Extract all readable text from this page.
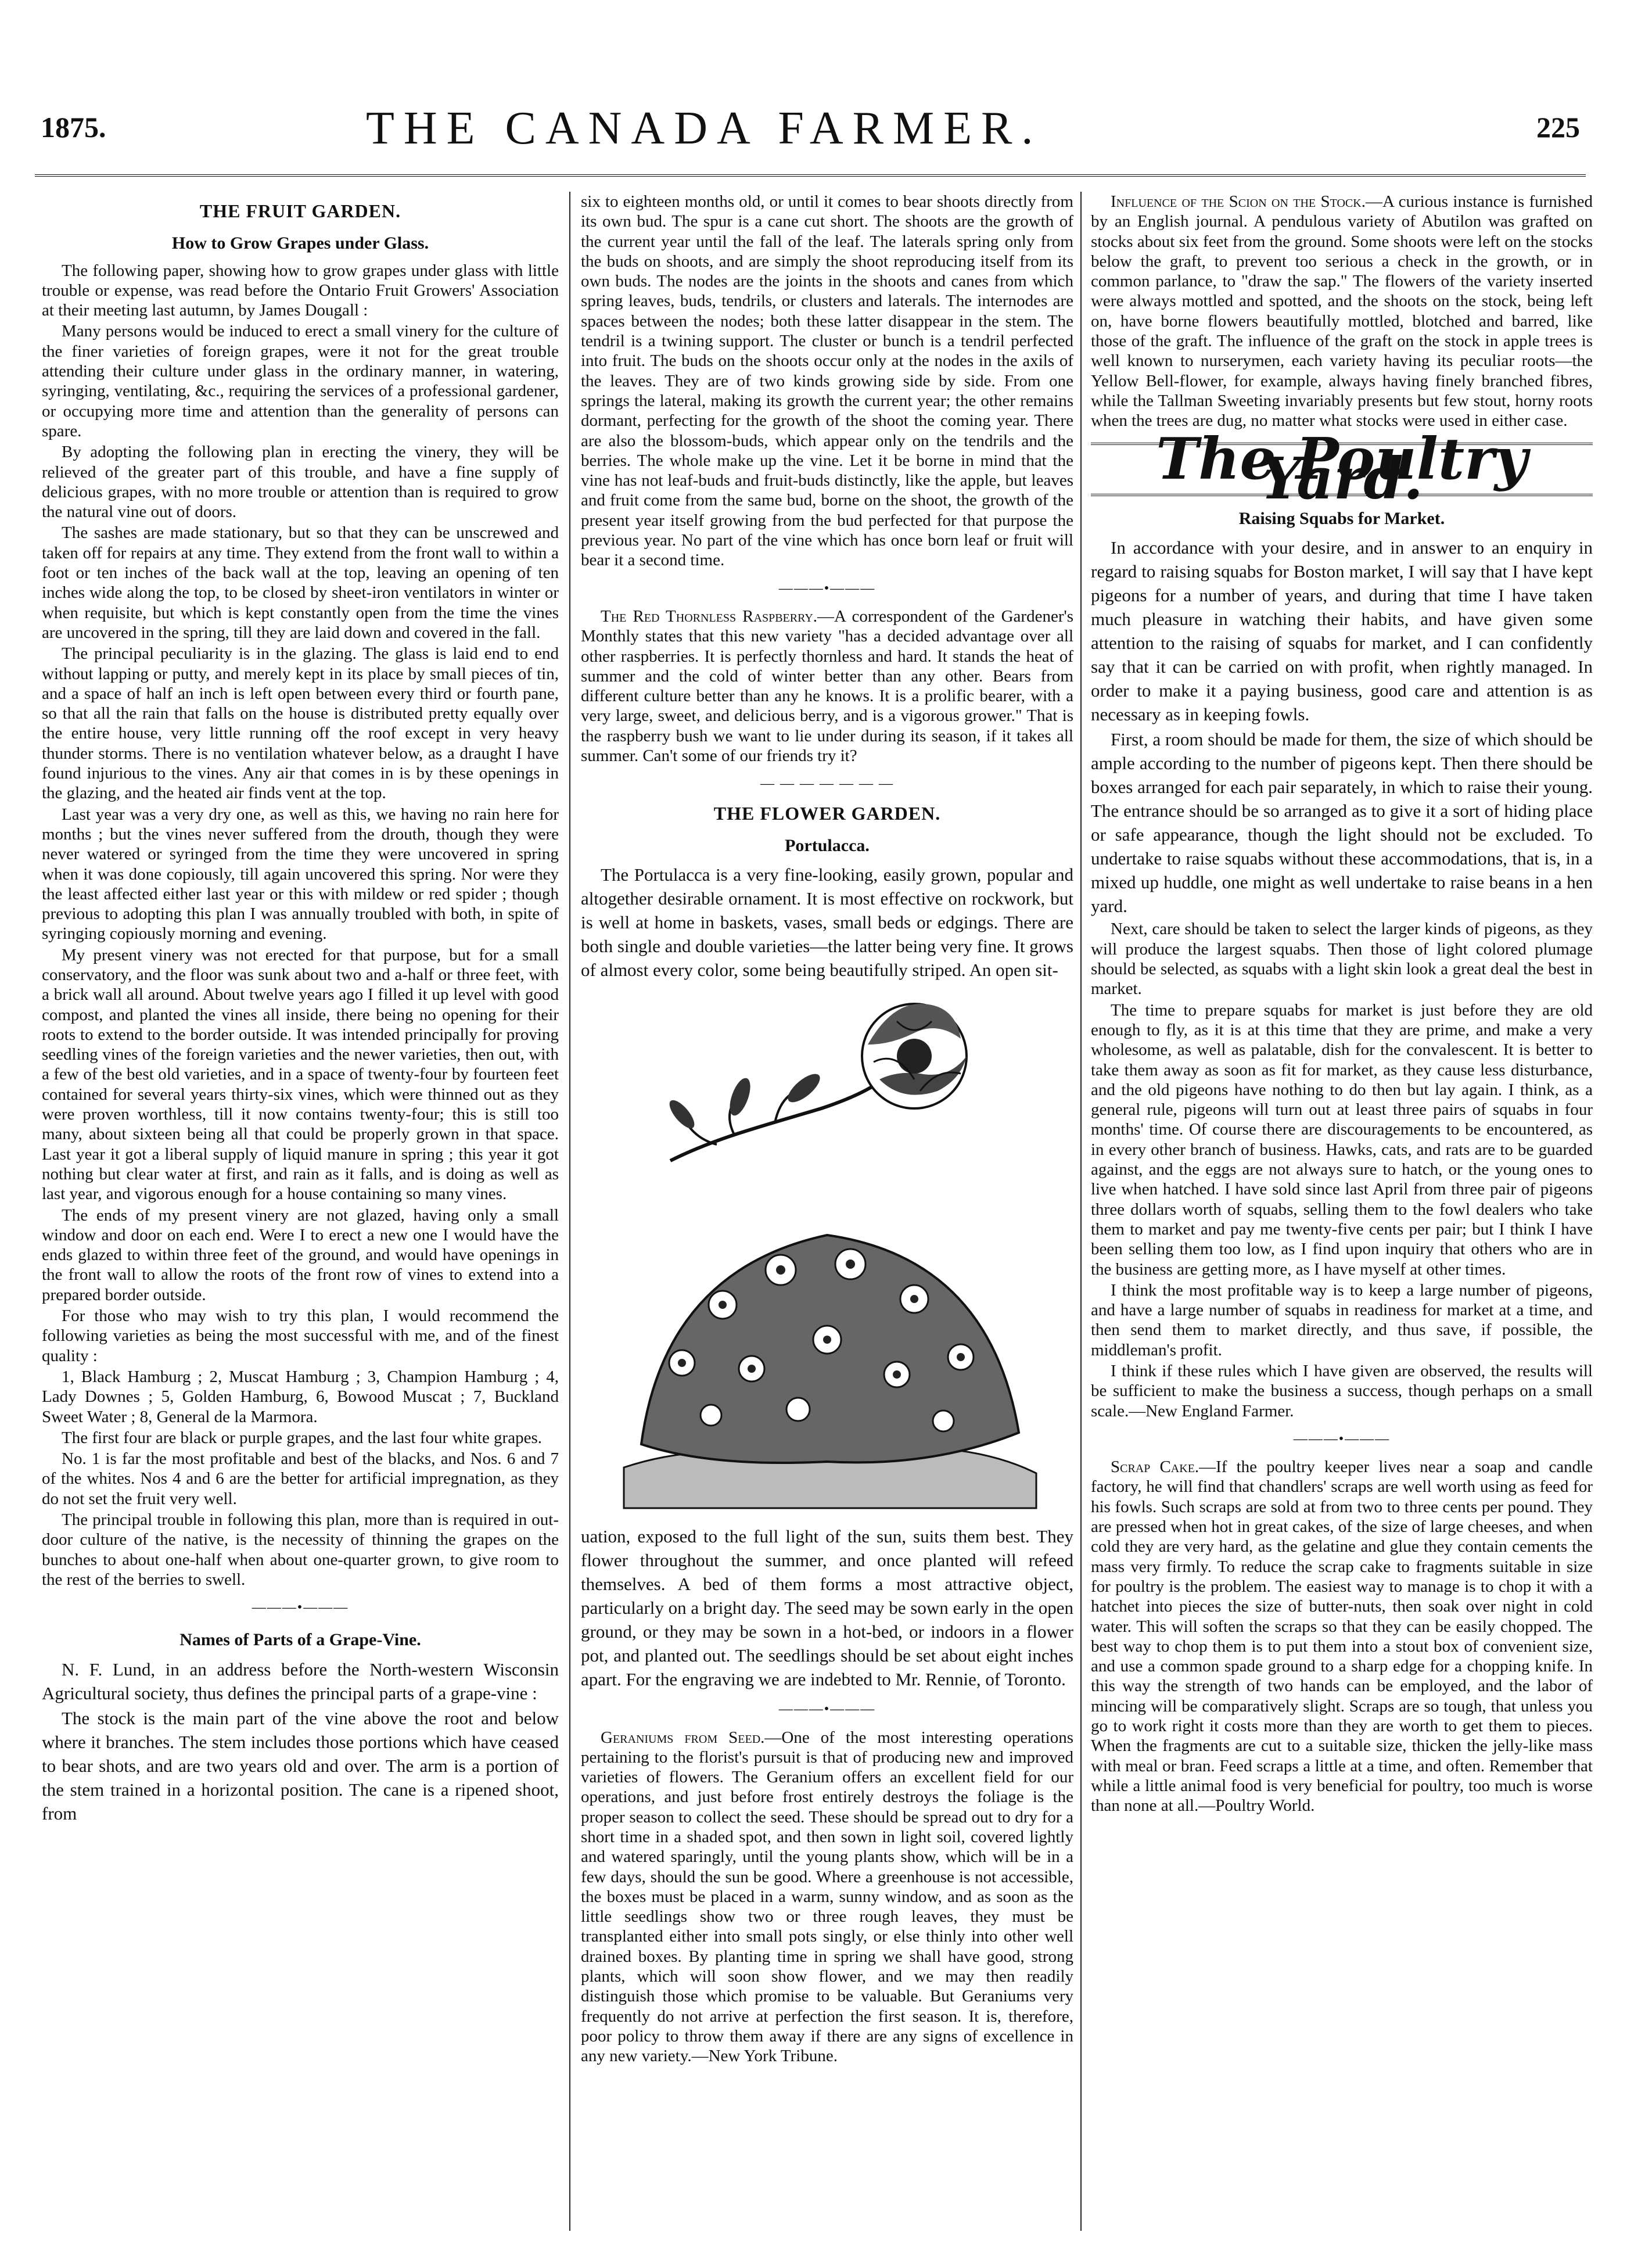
1875.	THE CANADA FARMER.	225
THE FRUIT GARDEN.
How to Grow Grapes under Glass.

The following paper, showing how to grow grapes under glass with little trouble or expense, was read before the Ontario Fruit Growers' Association at their meeting last autumn, by James Dougall :

Many persons would be induced to erect a small vinery for the culture of the finer varieties of foreign grapes, were it not for the great trouble attending their culture under glass in the ordinary manner, in watering, syringing, ventilating, &c., requiring the services of a professional gardener, or occupying more time and attention than the generality of persons can spare.

By adopting the following plan in erecting the vinery, they will be relieved of the greater part of this trouble, and have a fine supply of delicious grapes, with no more trouble or attention than is required to grow the natural vine out of doors.

The sashes are made stationary, but so that they can be unscrewed and taken off for repairs at any time. They extend from the front wall to within a foot or ten inches of the back wall at the top, leaving an opening of ten inches wide along the top, to be closed by sheet-iron ventilators in winter or when requisite, but which is kept constantly open from the time the vines are uncovered in the spring, till they are laid down and covered in the fall.

The principal peculiarity is in the glazing. The glass is laid end to end without lapping or putty, and merely kept in its place by small pieces of tin, and a space of half an inch is left open between every third or fourth pane, so that all the rain that falls on the house is distributed pretty equally over the entire house, very little running off the roof except in very heavy thunder storms. There is no ventilation whatever below, as a draught I have found injurious to the vines. Any air that comes in is by these openings in the glazing, and the heated air finds vent at the top.

Last year was a very dry one, as well as this, we having no rain here for months ; but the vines never suffered from the drouth, though they were never watered or syringed from the time they were uncovered in spring when it was done copiously, till again uncovered this spring. Nor were they the least affected either last year or this with mildew or red spider ; though previous to adopting this plan I was annually troubled with both, in spite of syringing copiously morning and evening.

My present vinery was not erected for that purpose, but for a small conservatory, and the floor was sunk about two and a-half or three feet, with a brick wall all around. About twelve years ago I filled it up level with good compost, and planted the vines all inside, there being no opening for their roots to extend to the border outside. It was intended principally for proving seedling vines of the foreign varieties and the newer varieties, then out, with a few of the best old varieties, and in a space of twenty-four by fourteen feet contained for several years thirty-six vines, which were thinned out as they were proven worthless, till it now contains twenty-four; this is still too many, about sixteen being all that could be properly grown in that space. Last year it got a liberal supply of liquid manure in spring ; this year it got nothing but clear water at first, and rain as it falls, and is doing as well as last year, and vigorous enough for a house containing so many vines.

The ends of my present vinery are not glazed, having only a small window and door on each end. Were I to erect a new one I would have the ends glazed to within three feet of the ground, and would have openings in the front wall to allow the roots of the front row of vines to extend into a prepared border outside.

For those who may wish to try this plan, I would recommend the following varieties as being the most successful with me, and of the finest quality :

1, Black Hamburg ; 2, Muscat Hamburg ; 3, Champion Hamburg ; 4, Lady Downes ; 5, Golden Hamburg, 6, Bowood Muscat ; 7, Buckland Sweet Water ; 8, General de la Marmora.

The first four are black or purple grapes, and the last four white grapes.

No. 1 is far the most profitable and best of the blacks, and Nos. 6 and 7 of the whites. Nos 4 and 6 are the better for artificial impregnation, as they do not set the fruit very well.

The principal trouble in following this plan, more than is required in out-door culture of the native, is the necessity of thinning the grapes on the bunches to about one-half when about one-quarter grown, to give room to the rest of the berries to swell.

———•———
Names of Parts of a Grape-Vine.

N. F. Lund, in an address before the North-western Wisconsin Agricultural society, thus defines the principal parts of a grape-vine :

The stock is the main part of the vine above the root and below where it branches. The stem includes those portions which have ceased to bear shots, and are two years old and over. The arm is a portion of the stem trained in a horizontal position. The cane is a ripened shoot, from

six to eighteen months old, or until it comes to bear shoots directly from its own bud. The spur is a cane cut short. The shoots are the growth of the current year until the fall of the leaf. The laterals spring only from the buds on shoots, and are simply the shoot reproducing itself from its own buds. The nodes are the joints in the shoots and canes from which spring leaves, buds, tendrils, or clusters and laterals. The internodes are spaces between the nodes; both these latter disappear in the stem. The tendril is a twining support. The cluster or bunch is a tendril perfected into fruit. The buds on the shoots occur only at the nodes in the axils of the leaves. They are of two kinds growing side by side. From one springs the lateral, making its growth the current year; the other remains dormant, perfecting for the growth of the shoot the coming year. There are also the blossom-buds, which appear only on the tendrils and the berries. The whole make up the vine. Let it be borne in mind that the vine has not leaf-buds and fruit-buds distinctly, like the apple, but leaves and fruit come from the same bud, borne on the shoot, the growth of the present year itself growing from the bud perfected for that purpose the previous year. No part of the vine which has once born leaf or fruit will bear it a second time.

———•———

The Red Thornless Raspberry.—A correspondent of the Gardener's Monthly states that this new variety "has a decided advantage over all other raspberries. It is perfectly thornless and hard. It stands the heat of summer and the cold of winter better than any other. Bears from different culture better than any he knows. It is a prolific bearer, with a very large, sweet, and delicious berry, and is a vigorous grower." That is the raspberry bush we want to lie under during its season, if it takes all summer. Can't some of our friends try it?

— — — — — — —
THE FLOWER GARDEN.
Portulacca.

The Portulacca is a very fine-looking, easily grown, popular and altogether desirable ornament. It is most effective on rockwork, but is well at home in baskets, vases, small beds or edgings. There are both single and double varieties—the latter being very fine. It grows of almost every color, some being beautifully striped. An open sit-

uation, exposed to the full light of the sun, suits them best. They flower throughout the summer, and once planted will refeed themselves. A bed of them forms a most attractive object, particularly on a bright day. The seed may be sown early in the open ground, or they may be sown in a hot-bed, or indoors in a flower pot, and planted out. The seedlings should be set about eight inches apart. For the engraving we are indebted to Mr. Rennie, of Toronto.

———•———

Geraniums from Seed.—One of the most interesting operations pertaining to the florist's pursuit is that of producing new and improved varieties of flowers. The Geranium offers an excellent field for our operations, and just before frost entirely destroys the foliage is the proper season to collect the seed. These should be spread out to dry for a short time in a shaded spot, and then sown in light soil, covered lightly and watered sparingly, until the young plants show, which will be in a few days, should the sun be good. Where a greenhouse is not accessible, the boxes must be placed in a warm, sunny window, and as soon as the little seedlings show two or three rough leaves, they must be transplanted either into small pots singly, or else thinly into other well drained boxes. By planting time in spring we shall have good, strong plants, which will soon show flower, and we may then readily distinguish those which promise to be valuable. But Geraniums very frequently do not arrive at perfection the first season. It is, therefore, poor policy to throw them away if there are any signs of excellence in any new variety.—New York Tribune.

Influence of the Scion on the Stock.—A curious instance is furnished by an English journal. A pendulous variety of Abutilon was grafted on stocks about six feet from the ground. Some shoots were left on the stocks below the graft, to prevent too serious a check in the growth, or in common parlance, to "draw the sap." The flowers of the variety inserted were always mottled and spotted, and the shoots on the stock, being left on, have borne flowers beautifully mottled, blotched and barred, like those of the graft. The influence of the graft on the stock in apple trees is well known to nurserymen, each variety having its peculiar roots—the Yellow Bell-flower, for example, always having finely branched fibres, while the Tallman Sweeting invariably presents but few stout, horny roots when the trees are dug, no matter what stocks were used in either case.

The Poultry Yard.
Raising Squabs for Market.

In accordance with your desire, and in answer to an enquiry in regard to raising squabs for Boston market, I will say that I have kept pigeons for a number of years, and during that time I have taken much pleasure in watching their habits, and have given some attention to the raising of squabs for market, and I can confidently say that it can be carried on with profit, when rightly managed. In order to make it a paying business, good care and attention is as necessary as in keeping fowls.

First, a room should be made for them, the size of which should be ample according to the number of pigeons kept. Then there should be boxes arranged for each pair separately, in which to raise their young. The entrance should be so arranged as to give it a sort of hiding place or safe appearance, though the light should not be excluded. To undertake to raise squabs without these accommodations, that is, in a mixed up huddle, one might as well undertake to raise beans in a hen yard.

Next, care should be taken to select the larger kinds of pigeons, as they will produce the largest squabs. Then those of light colored plumage should be selected, as squabs with a light skin look a great deal the best in market.

The time to prepare squabs for market is just before they are old enough to fly, as it is at this time that they are prime, and make a very wholesome, as well as palatable, dish for the convalescent. It is better to take them away as soon as fit for market, as they cause less disturbance, and the old pigeons have nothing to do then but lay again. I think, as a general rule, pigeons will turn out at least three pairs of squabs in four months' time. Of course there are discouragements to be encountered, as in every other branch of business. Hawks, cats, and rats are to be guarded against, and the eggs are not always sure to hatch, or the young ones to live when hatched. I have sold since last April from three pair of pigeons three dollars worth of squabs, selling them to the fowl dealers who take them to market and pay me twenty-five cents per pair; but I think I have been selling them too low, as I find upon inquiry that others who are in the business are getting more, as I have myself at other times.

I think the most profitable way is to keep a large number of pigeons, and have a large number of squabs in readiness for market at a time, and then send them to market directly, and thus save, if possible, the middleman's profit.

I think if these rules which I have given are observed, the results will be sufficient to make the business a success, though perhaps on a small scale.—New England Farmer.

———•———

Scrap Cake.—If the poultry keeper lives near a soap and candle factory, he will find that chandlers' scraps are well worth using as feed for his fowls. Such scraps are sold at from two to three cents per pound. They are pressed when hot in great cakes, of the size of large cheeses, and when cold they are very hard, as the gelatine and glue they contain cements the mass very firmly. To reduce the scrap cake to fragments suitable in size for poultry is the problem. The easiest way to manage is to chop it with a hatchet into pieces the size of butter-nuts, then soak over night in cold water. This will soften the scraps so that they can be easily chopped. The best way to chop them is to put them into a stout box of convenient size, and use a common spade ground to a sharp edge for a chopping knife. In this way the strength of two hands can be employed, and the labor of mincing will be comparatively slight. Scraps are so tough, that unless you go to work right it costs more than they are worth to get them to pieces. When the fragments are cut to a suitable size, thicken the jelly-like mass with meal or bran. Feed scraps a little at a time, and often. Remember that while a little animal food is very beneficial for poultry, too much is worse than none at all.—Poultry World.
